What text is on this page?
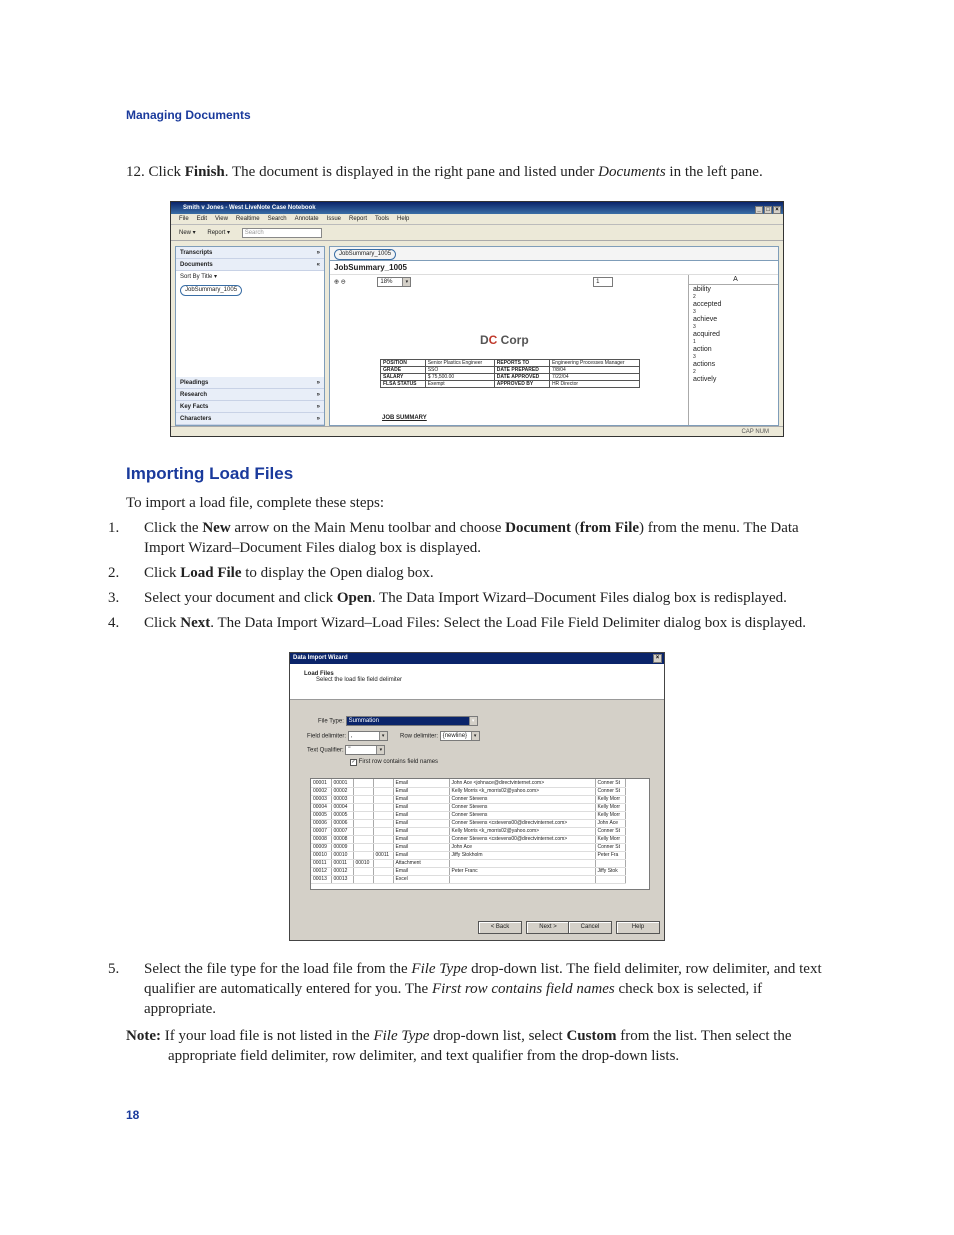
Managing Documents
12. Click Finish. The document is displayed in the right pane and listed under Documents in the left pane.
Smith v Jones - West LiveNote Case Notebook	_ □ ×
File Edit View Realtime Search Annotate Issue Report Tools Help
New ▾ Report ▾ Search
Transcripts	»
Documents	«
Sort By Title ▾
JobSummary_1005
Pleadings	»
Research	»
Key Facts	»
Characters	»
JobSummary_1005
JobSummary_1005
⊕ ⊖	18%	▾	1
DC Corp
POSITION	Senior Plastics Engineer	REPORTS TO	Engineering Processes Manager
GRADE	SSO	DATE PREPARED	7/8/04
SALARY	$ 75,500.00	DATE APPROVED	7/22/04
FLSA STATUS	Exempt	APPROVED BY	HR Director
JOB SUMMARY
A
ability
2
accepted
3
achieve
3
acquired
1
action
3
actions
2
actively
CAP NUM
Importing Load Files
To import a load file, complete these steps:
1. Click the New arrow on the Main Menu toolbar and choose Document (from File) from the menu. The Data Import Wizard–Document Files dialog box is displayed.
2. Click Load File to display the Open dialog box.
3. Select your document and click Open. The Data Import Wizard–Document Files dialog box is redisplayed.
4. Click Next. The Data Import Wizard–Load Files: Select the Load File Field Delimiter dialog box is displayed.
Data Import Wizard	×
Load Files
Select the load file field delimiter
File Type: Summation	▾
Field delimiter: ,	▾	Row delimiter: {newline}	▾
Text Qualifier: "	▾
✓ First row contains field names
00001	00001			Email	John Ace <johnace@directvinternet.com>	Conner St
00002	00002			Email	Kelly Morris <k_morris02@yahoo.com>	Conner St
00003	00003			Email	Conner Stevens	Kelly Morr
00004	00004			Email	Conner Stevens	Kelly Morr
00005	00005			Email	Conner Stevens	Kelly Morr
00006	00006			Email	Conner Stevens <cstevens00@directvinternet.com>	John Ace
00007	00007			Email	Kelly Morris <k_morris02@yahoo.com>	Conner St
00008	00008			Email	Conner Stevens <cstevens00@directvinternet.com>	Kelly Morr
00009	00009			Email	John Ace	Conner St
00010	00010		00011	Email	Jiffy Stokholm	Peter Fra
00011	00011	00010		Attachment		
00012	00012			Email	Peter Franc	Jiffy Stok
00013	00013			Excel		
< Back	Next >	Cancel	Help
5. Select the file type for the load file from the File Type drop-down list. The field delimiter, row delimiter, and text qualifier are automatically entered for you. The First row contains field names check box is selected, if appropriate.
Note: If your load file is not listed in the File Type drop-down list, select Custom from the list. Then select the appropriate field delimiter, row delimiter, and text qualifier from the drop-down lists.
18
